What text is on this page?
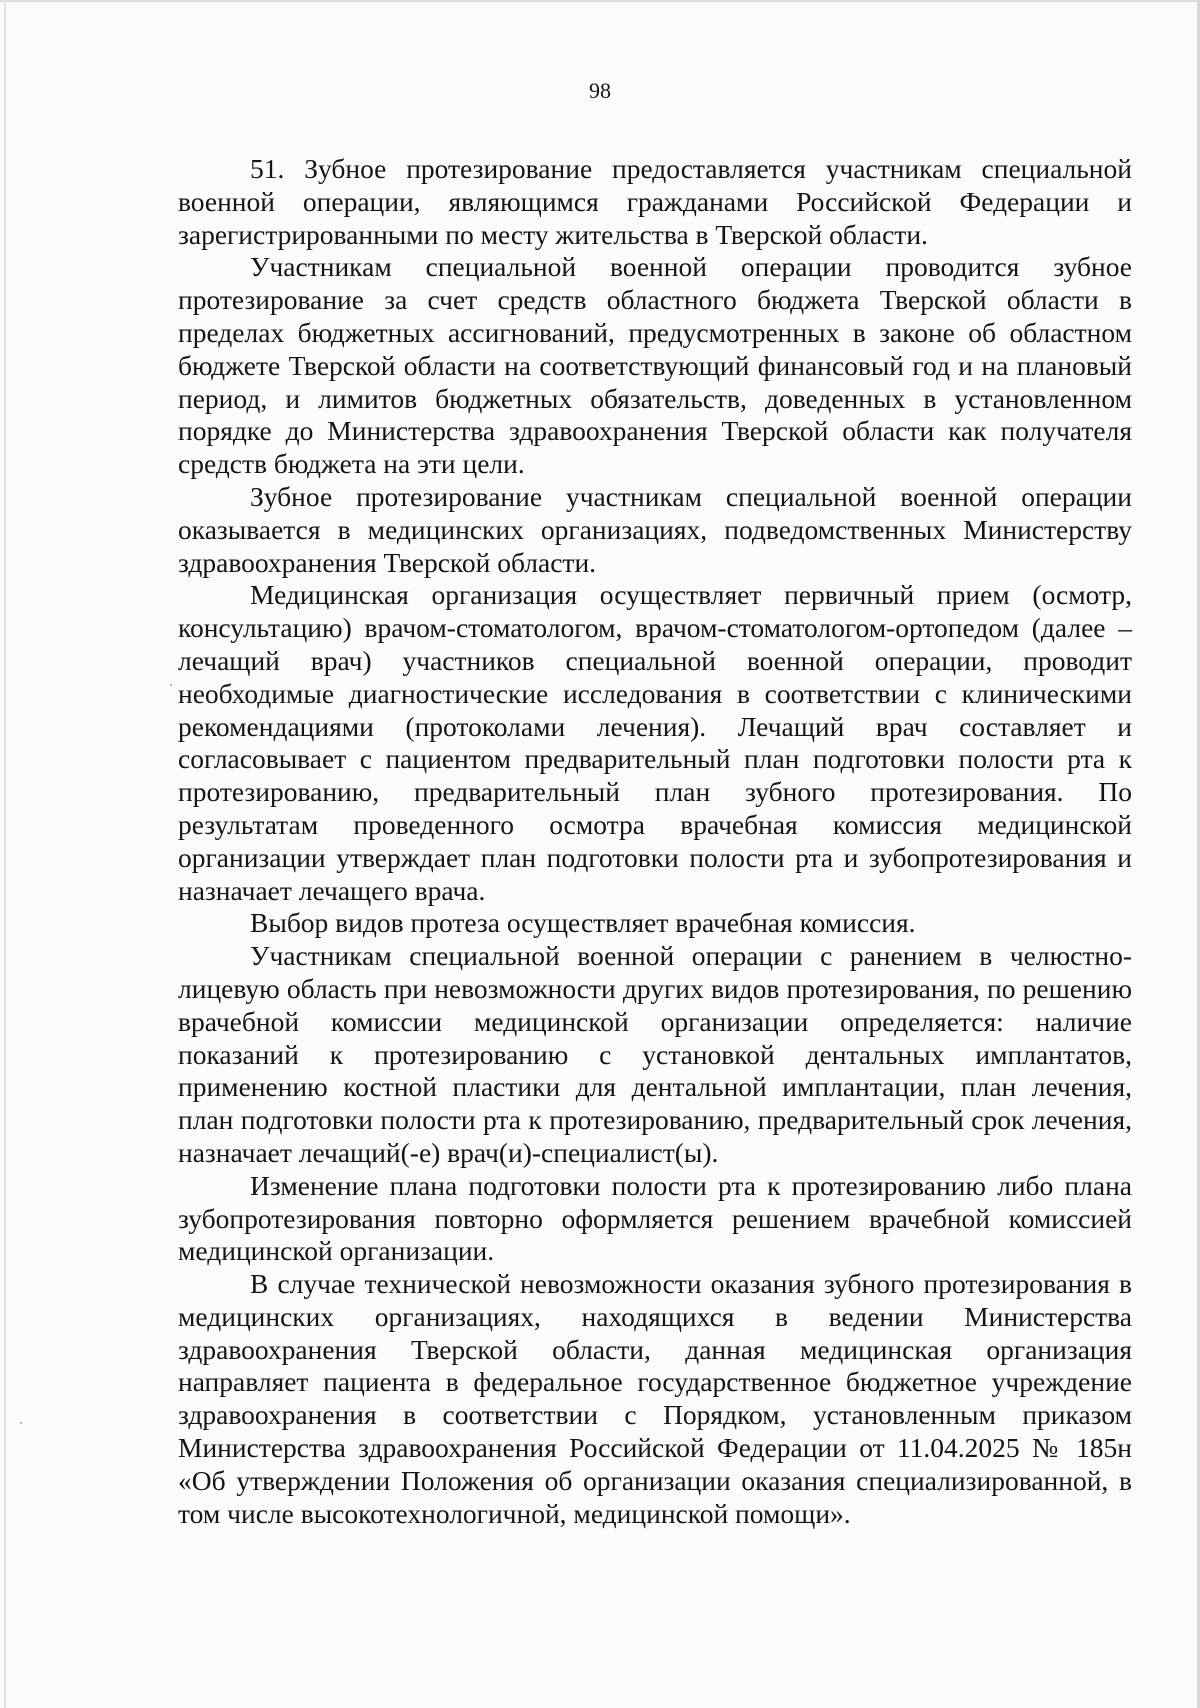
98

51. Зубное протезирование предоставляется участникам специальной военной операции, являющимся гражданами Российской Федерации и зарегистрированными по месту жительства в Тверской области.

Участникам специальной военной операции проводится зубное протезирование за счет средств областного бюджета Тверской области в пределах бюджетных ассигнований, предусмотренных в законе об областном бюджете Тверской области на соответствующий финансовый год и на плановый период, и лимитов бюджетных обязательств, доведенных в установленном порядке до Министерства здравоохранения Тверской области как получателя средств бюджета на эти цели.

Зубное протезирование участникам специальной военной операции оказывается в медицинских организациях, подведомственных Министерству здравоохранения Тверской области.

Медицинская организация осуществляет первичный прием (осмотр, консультацию) врачом-стоматологом, врачом-стоматологом-ортопедом (далее – лечащий врач) участников специальной военной операции, проводит необходимые диагностические исследования в соответствии с клиническими рекомендациями (протоколами лечения). Лечащий врач составляет и согласовывает с пациентом предварительный план подготовки полости рта к протезированию, предварительный план зубного протезирования. По результатам проведенного осмотра врачебная комиссия медицинской организации утверждает план подготовки полости рта и зубопротезирования и назначает лечащего врача.

Выбор видов протеза осуществляет врачебная комиссия.

Участникам специальной военной операции с ранением в челюстно-лицевую область при невозможности других видов протезирования, по решению врачебной комиссии медицинской организации определяется: наличие показаний к протезированию с установкой дентальных имплантатов, применению костной пластики для дентальной имплантации, план лечения, план подготовки полости рта к протезированию, предварительный срок лечения, назначает лечащий(-е) врач(и)-специалист(ы).

Изменение плана подготовки полости рта к протезированию либо плана зубопротезирования повторно оформляется решением врачебной комиссией медицинской организации.

В случае технической невозможности оказания зубного протезирования в медицинских организациях, находящихся в ведении Министерства здравоохранения Тверской области, данная медицинская организация направляет пациента в федеральное государственное бюджетное учреждение здравоохранения в соответствии с Порядком, установленным приказом Министерства здравоохранения Российской Федерации от 11.04.2025 № 185н «Об утверждении Положения об организации оказания специализированной, в том числе высокотехнологичной, медицинской помощи».
